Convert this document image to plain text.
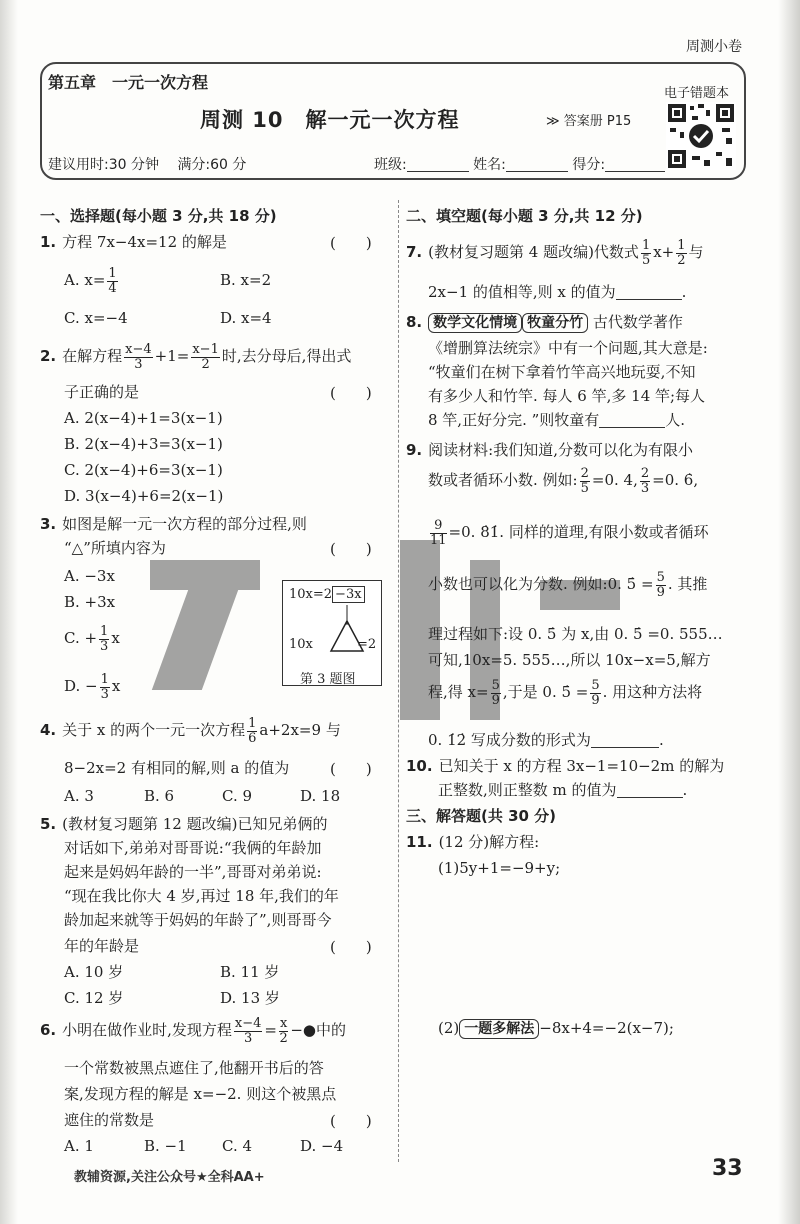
周测小卷
第五章　一元一次方程
周测 10　解一元一次方程	≫ 答案册 P15
电子错题本
建议用时:30 分钟　 满分:60 分	班级:	姓名:	得分:
一、选择题(每小题 3 分,共 18 分)
1. 方程 7x−4x=12 的解是	(　　)
A. $x= \frac{1}{4}$	B. x=2
C. x=−4	D. x=4
2. 在解方程 $\frac{x-4}{3} +1= \frac{x-1}{2}$ 时,去分母后,得出式
子正确的是	(　　)
A. 2(x−4)+1=3(x−1)
B. 2(x−4)+3=3(x−1)
C. 2(x−4)+6=3(x−1)
D. 3(x−4)+6=2(x−1)
3. 如图是解一元一次方程的部分过程,则
“△”所填内容为	(　　)
A. −3x
B. +3x
C. + $\frac{1}{3}$ x
D. − $\frac{1}{3}$ x
10x=2 −3x
10x	=2
第 3 题图
4. 关于 x 的两个一元一次方程 $\frac{1}{6} a+2x=9$ 与
8−2x=2 有相同的解,则 a 的值为	(　　)
A. 3	B. 6	C. 9	D. 18
5. (教材复习题第 12 题改编)已知兄弟俩的
对话如下,弟弟对哥哥说:“我俩的年龄加
起来是妈妈年龄的一半”,哥哥对弟弟说:
“现在我比你大 4 岁,再过 18 年,我们的年
龄加起来就等于妈妈的年龄了”,则哥哥今
年的年龄是	(　　)
A. 10 岁	B. 11 岁
C. 12 岁	D. 13 岁
6. 小明在做作业时,发现方程 $\frac{x-4}{3} = \frac{x}{2}$ −●中的
一个常数被黑点遮住了,他翻开书后的答
案,发现方程的解是 x=−2. 则这个被黑点
遮住的常数是	(　　)
A. 1	B. −1 C. 4	D. −4
二、填空题(每小题 3 分,共 12 分)
7. (教材复习题第 4 题改编)代数式 $\frac{1}{5} x+ \frac{1}{2}$ 与
2x−1 的值相等,则 x 的值为	.
8. 数学文化情境 牧童分竹 古代数学著作
《增删算法统宗》中有一个问题,其大意是:
“牧童们在树下拿着竹竿高兴地玩耍,不知
有多少人和竹竿. 每人 6 竿,多 14 竿;每人
8 竿,正好分完. ”则牧童有	人.
9. 阅读材料:我们知道,分数可以化为有限小
数或者循环小数. 例如: $\frac{2}{5} =0$. 4, $\frac{2}{3} =0$. 6̇,
$\frac{9}{11} =0$. 8̇1̇. 同样的道理,有限小数或者循环
小数也可以化为分数. 例如:0. 5̇ = $\frac{5}{9}$ . 其推
理过程如下:设 0. 5̇ 为 x,由 0. 5̇ =0. 555…
可知,10x=5. 555…,所以 10x−x=5,解方
程,得 $x= \frac{5}{9}$ ,于是 0. 5̇ = $\frac{5}{9}$ . 用这种方法将
0. 1̇2̇ 写成分数的形式为	.
10. 已知关于 x 的方程 3x−1=10−2m 的解为
正整数,则正整数 m 的值为	.
三、解答题(共 30 分)
11. (12 分)解方程:
(1)5y+1=−9+y;
(2) 一题多解法 −8x+4=−2(x−7);
教辅资源,关注公众号★全科AA+	33
